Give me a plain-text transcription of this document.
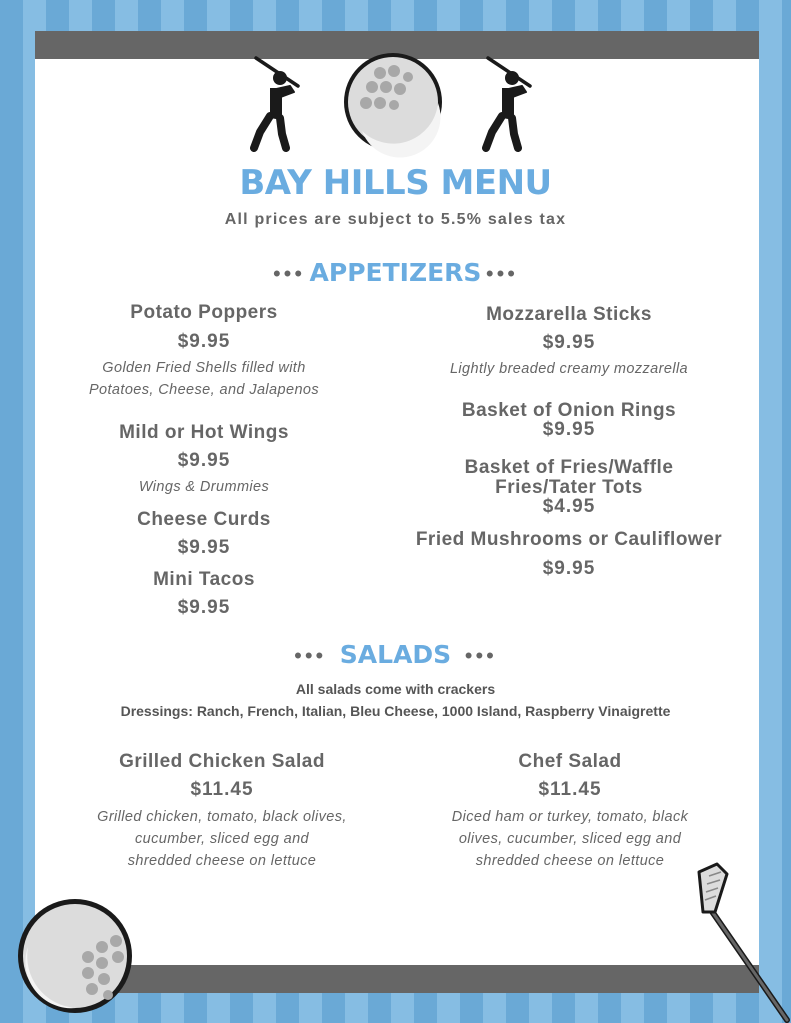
BAY HILLS MENU
All prices are subject to 5.5% sales tax
••• APPETIZERS •••
Potato Poppers
$9.95
Golden Fried Shells filled with
Potatoes, Cheese, and Jalapenos
Mild or Hot Wings
$9.95
Wings & Drummies
Cheese Curds
$9.95
Mini Tacos
$9.95
Mozzarella Sticks
$9.95
Lightly breaded creamy mozzarella
Basket of Onion Rings
$9.95
Basket of Fries/Waffle
Fries/Tater Tots
$4.95
Fried Mushrooms or Cauliflower
$9.95
•••  SALADS  •••
All salads come with crackers
Dressings: Ranch, French, Italian, Bleu Cheese, 1000 Island, Raspberry Vinaigrette
Grilled Chicken Salad
$11.45
Grilled chicken, tomato, black olives,
cucumber, sliced egg and
shredded cheese on lettuce
Chef Salad
$11.45
Diced ham or turkey, tomato, black
olives, cucumber, sliced egg and
shredded cheese on lettuce
